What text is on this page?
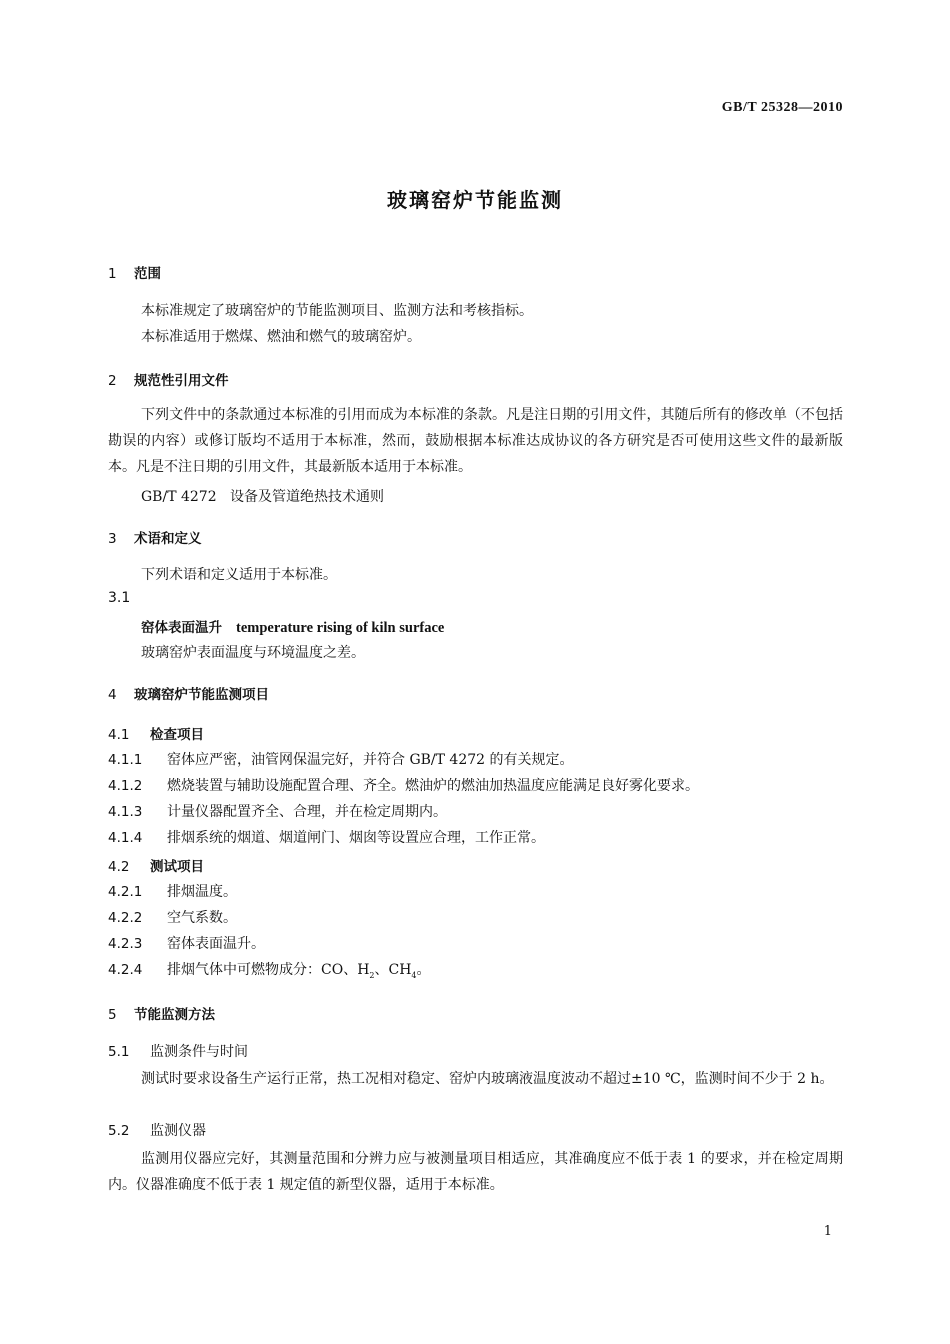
GB/T 25328—2010
玻璃窑炉节能监测
1 范围
本标准规定了玻璃窑炉的节能监测项目、监测方法和考核指标。
本标准适用于燃煤、燃油和燃气的玻璃窑炉。
2 规范性引用文件
下列文件中的条款通过本标准的引用而成为本标准的条款。凡是注日期的引用文件，其随后所有的修改单（不包括勘误的内容）或修订版均不适用于本标准，然而，鼓励根据本标准达成协议的各方研究是否可使用这些文件的最新版本。凡是不注日期的引用文件，其最新版本适用于本标准。
GB/T 4272 设备及管道绝热技术通则
3 术语和定义
下列术语和定义适用于本标准。
3.1
窑体表面温升 temperature rising of kiln surface
玻璃窑炉表面温度与环境温度之差。
4 玻璃窑炉节能监测项目
4.1 检查项目
4.1.1 窑体应严密，油管网保温完好，并符合 GB/T 4272 的有关规定。
4.1.2 燃烧装置与辅助设施配置合理、齐全。燃油炉的燃油加热温度应能满足良好雾化要求。
4.1.3 计量仪器配置齐全、合理，并在检定周期内。
4.1.4 排烟系统的烟道、烟道闸门、烟囱等设置应合理，工作正常。
4.2 测试项目
4.2.1 排烟温度。
4.2.2 空气系数。
4.2.3 窑体表面温升。
4.2.4 排烟气体中可燃物成分：CO、$H_2$、$CH_4$。
5 节能监测方法
5.1 监测条件与时间
测试时要求设备生产运行正常，热工况相对稳定、窑炉内玻璃液温度波动不超过±10 ℃，监测时间不少于 2 h。
5.2 监测仪器
监测用仪器应完好，其测量范围和分辨力应与被测量项目相适应，其准确度应不低于表 1 的要求，并在检定周期内。仪器准确度不低于表 1 规定值的新型仪器，适用于本标准。
1
